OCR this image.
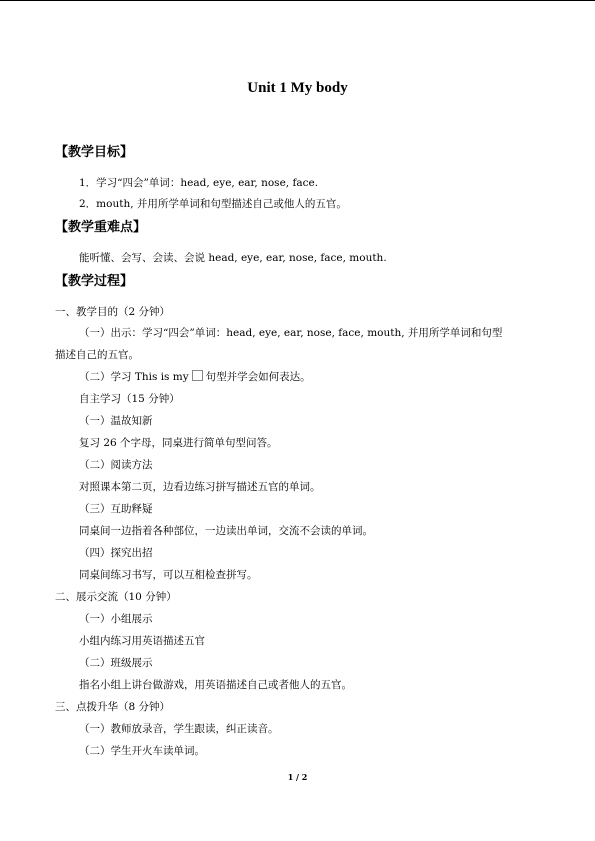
Unit 1 My body
【教学目标】
1．学习“四会”单词：head, eye, ear, nose, face.
2．mouth, 并用所学单词和句型描述自己或他人的五官。
【教学重难点】
能听懂、会写、会读、会说 head, eye, ear, nose, face, mouth.
【教学过程】
一、教学目的（2 分钟）
（一）出示：学习“四会”单词：head, eye, ear, nose, face, mouth, 并用所学单词和句型
描述自己的五官。
（二）学习 This is my 句型并学会如何表达。
自主学习（15 分钟）
（一）温故知新
复习 26 个字母，同桌进行简单句型问答。
（二）阅读方法
对照课本第二页，边看边练习拼写描述五官的单词。
（三）互助释疑
同桌间一边指着各种部位，一边读出单词，交流不会读的单词。
（四）探究出招
同桌间练习书写，可以互相检查拼写。
二、展示交流（10 分钟）
（一）小组展示
小组内练习用英语描述五官
（二）班级展示
指名小组上讲台做游戏，用英语描述自己或者他人的五官。
三、点拨升华（8 分钟）
（一）教师放录音，学生跟读，纠正读音。
（二）学生开火车读单词。
1 / 2
